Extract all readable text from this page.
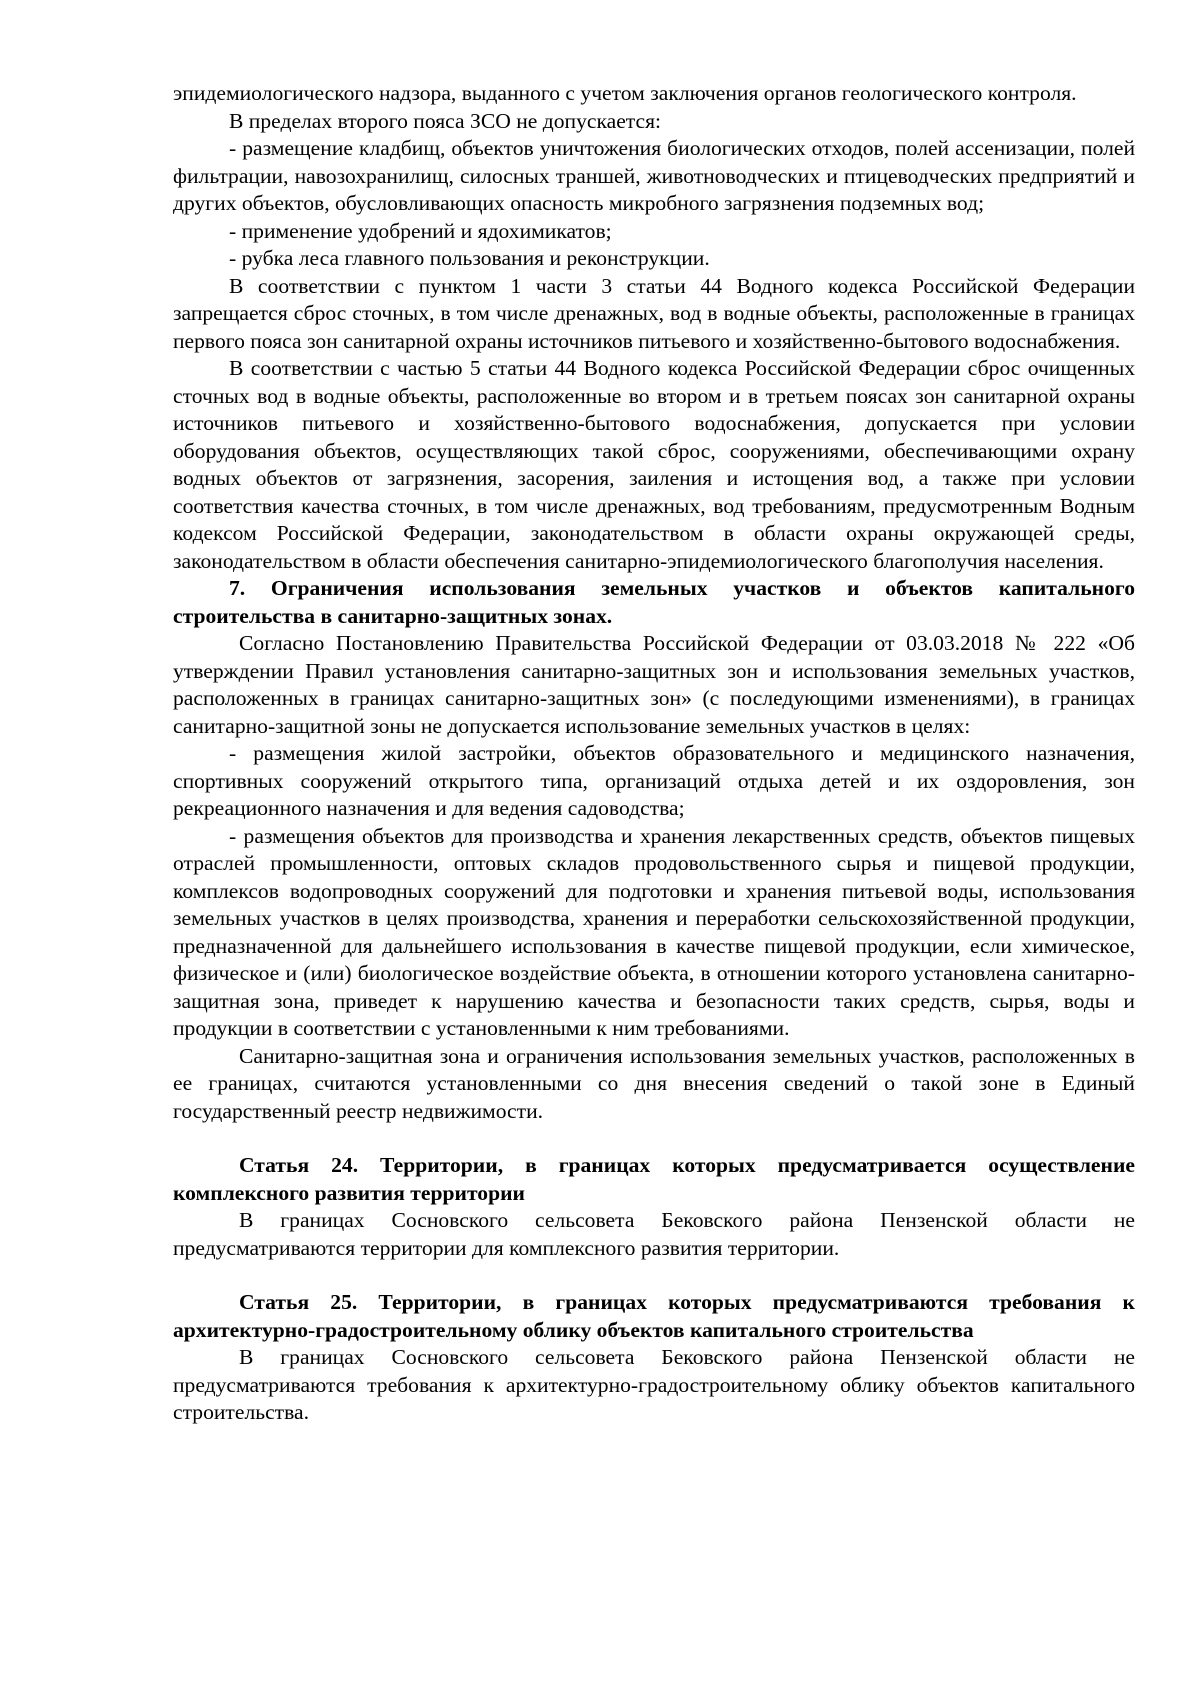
эпидемиологического надзора, выданного с учетом заключения органов геологического контроля.

В пределах второго пояса ЗСО не допускается:

- размещение кладбищ, объектов уничтожения биологических отходов, полей ассенизации, полей фильтрации, навозохранилищ, силосных траншей, животноводческих и птицеводческих предприятий и других объектов, обусловливающих опасность микробного загрязнения подземных вод;

- применение удобрений и ядохимикатов;

- рубка леса главного пользования и реконструкции.

В соответствии с пунктом 1 части 3 статьи 44 Водного кодекса Российской Федерации запрещается сброс сточных, в том числе дренажных, вод в водные объекты, расположенные в границах первого пояса зон санитарной охраны источников питьевого и хозяйственно-бытового водоснабжения.

В соответствии с частью 5 статьи 44 Водного кодекса Российской Федерации сброс очищенных сточных вод в водные объекты, расположенные во втором и в третьем поясах зон санитарной охраны источников питьевого и хозяйственно-бытового водоснабжения, допускается при условии оборудования объектов, осуществляющих такой сброс, сооружениями, обеспечивающими охрану водных объектов от загрязнения, засорения, заиления и истощения вод, а также при условии соответствия качества сточных, в том числе дренажных, вод требованиям, предусмотренным Водным кодексом Российской Федерации, законодательством в области охраны окружающей среды, законодательством в области обеспечения санитарно-эпидемиологического благополучия населения.

7. Ограничения использования земельных участков и объектов капитального строительства в санитарно-защитных зонах.

Согласно Постановлению Правительства Российской Федерации от 03.03.2018 № 222 «Об утверждении Правил установления санитарно-защитных зон и использования земельных участков, расположенных в границах санитарно-защитных зон» (с последующими изменениями), в границах санитарно-защитной зоны не допускается использование земельных участков в целях:

- размещения жилой застройки, объектов образовательного и медицинского назначения, спортивных сооружений открытого типа, организаций отдыха детей и их оздоровления, зон рекреационного назначения и для ведения садоводства;

- размещения объектов для производства и хранения лекарственных средств, объектов пищевых отраслей промышленности, оптовых складов продовольственного сырья и пищевой продукции, комплексов водопроводных сооружений для подготовки и хранения питьевой воды, использования земельных участков в целях производства, хранения и переработки сельскохозяйственной продукции, предназначенной для дальнейшего использования в качестве пищевой продукции, если химическое, физическое и (или) биологическое воздействие объекта, в отношении которого установлена санитарно-защитная зона, приведет к нарушению качества и безопасности таких средств, сырья, воды и продукции в соответствии с установленными к ним требованиями.

Санитарно-защитная зона и ограничения использования земельных участков, расположенных в ее границах, считаются установленными со дня внесения сведений о такой зоне в Единый государственный реестр недвижимости.

Статья 24. Территории, в границах которых предусматривается осуществление комплексного развития территории

В границах Сосновского сельсовета Бековского района Пензенской области не предусматриваются территории для комплексного развития территории.

Статья 25. Территории, в границах которых предусматриваются требования к архитектурно-градостроительному облику объектов капитального строительства

В границах Сосновского сельсовета Бековского района Пензенской области не предусматриваются требования к архитектурно-градостроительному облику объектов капитального строительства.
